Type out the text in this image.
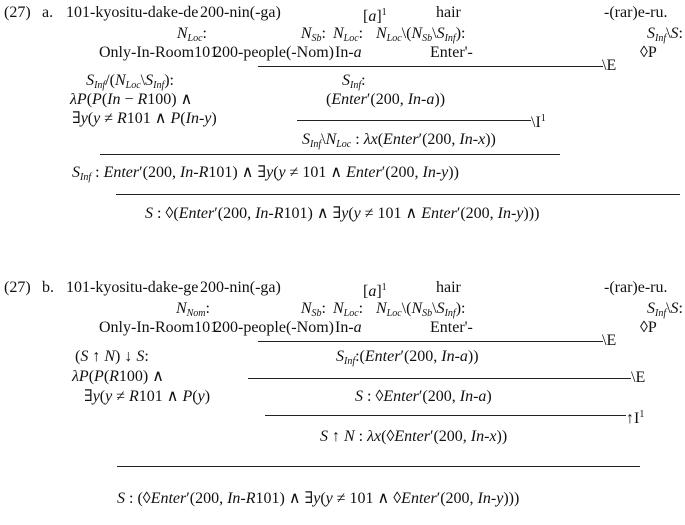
(27) a. 101-kyositu-dake-de 200-nin(-ga)	$[a]^1$	hair	-(rar)e-ru.
$N_{Loc}$:	$N_{Sb}$: $N_{Loc}$: $N_{Loc}\backslash(N_{Sb}\backslash S_{Inf})$:	$S_{Inf}\backslash S$:
Only-In-Room101
200-people(-Nom) In-a	Enter'-	◊P
\E
$S_{Inf}/(N_{Loc}\backslash S_{Inf})$:	$S_{Inf}$:
λP(P(In − R100) ∧	(Enter′(200, In-a))
∃y(y ≠ R101 ∧ P(In-y)	$\backslash I^1$
$S_{Inf}\backslash N_{Loc}$ : λx(Enter′(200, In-x))
$S_{Inf}$ : Enter′(200, In-R101) ∧ ∃y(y ≠ 101 ∧ Enter′(200, In-y))
S : ◊(Enter′(200, In-R101) ∧ ∃y(y ≠ 101 ∧ Enter′(200, In-y)))
(27) b. 101-kyositu-dake-ge 200-nin(-ga)	$[a]^1$	hair	-(rar)e-ru.
$N_{Nom}$:	$N_{Sb}$: $N_{Loc}$: $N_{Loc}\backslash(N_{Sb}\backslash S_{Inf})$:	$S_{Inf}\backslash S$:
Only-In-Room101
200-people(-Nom) In-a	Enter'-	◊P
\E
(S ↑ N) ↓ S:	$S_{Inf}:(Enter'(200$, In-a))
λP(P(R100) ∧	\E
∃y(y ≠ R101 ∧ P(y)	S : ◊Enter′(200, In-a)
$↑I^1$
S ↑ N : λx(◊Enter′(200, In-x))
S : (◊Enter′(200, In-R101) ∧ ∃y(y ≠ 101 ∧ ◊Enter′(200, In-y)))
